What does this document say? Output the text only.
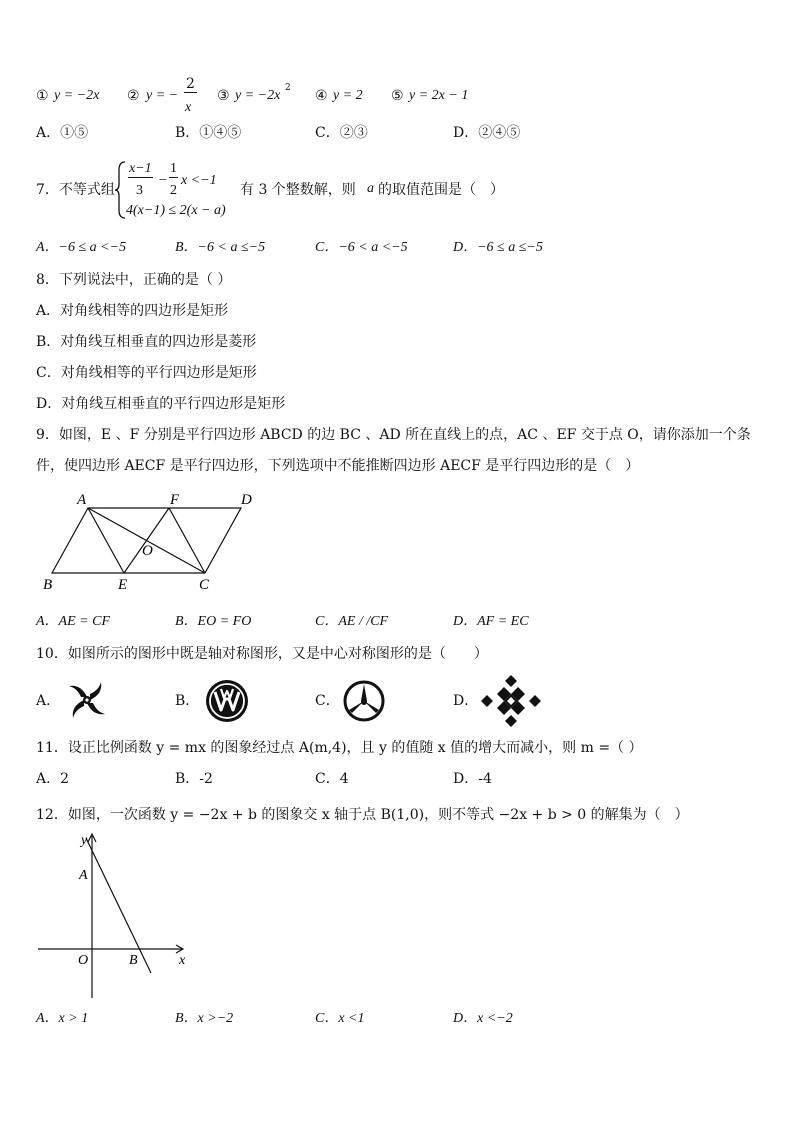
① y = −2x ② y = −
2
x
③ y = −2x 2 ④ y = 2 ⑤ y = 2x − 1
A．①⑤	B．①④⑤	C．②③	D．②④⑤
7．不等式组
x−1
3
−
1
2
x <−1
4(x−1) ≤ 2(x − a)
有 3 个整数解，则 a 的取值范围是（　）
A．−6 ≤ a <−5	B．−6 < a ≤−5	C．−6 < a <−5	D．−6 ≤ a ≤−5
8．下列说法中，正确的是（ ）
A．对角线相等的四边形是矩形
B．对角线互相垂直的四边形是菱形
C．对角线相等的平行四边形是矩形
D．对角线互相垂直的平行四边形是矩形
9．如图，E 、F 分别是平行四边形 ABCD 的边 BC 、AD 所在直线上的点，AC 、EF 交于点 O，请你添加一个条
件，使四边形 AECF 是平行四边形，下列选项中不能推断四边形 AECF 是平行四边形的是（　）
A	F	D
O
B	E	C
A．AE = CF	B．EO = FO	C．AE / /CF	D．AF = EC
10．如图所示的图形中既是轴对称图形，又是中心对称图形的是（　　）
A．	B．	C．	D．
11．设正比例函数 y = mx 的图象经过点 A(m,4)，且 y 的值随 x 值的增大而减小，则 m =（ ）
A．2	B．-2	C．4	D．-4
12．如图，一次函数 y = −2x + b 的图象交 x 轴于点 B(1,0)，则不等式 −2x + b > 0 的解集为（　）
y
A
O	B	x
A．x > 1	B．x >−2	C．x <1	D．x <−2
